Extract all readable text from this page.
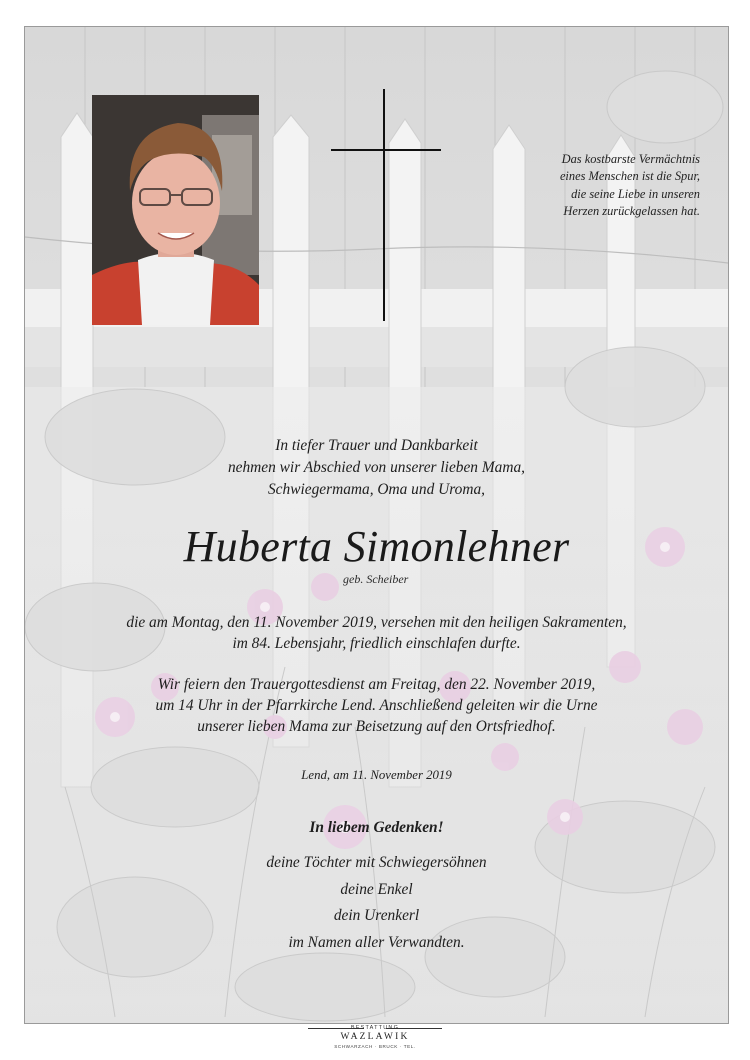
Das kostbarste Vermächtnis
eines Menschen ist die Spur,
die seine Liebe in unseren
Herzen zurückgelassen hat.
In tiefer Trauer und Dankbarkeit
nehmen wir Abschied von unserer lieben Mama,
Schwiegermama, Oma und Uroma,
Huberta Simonlehner
geb. Scheiber
die am Montag, den 11. November 2019, versehen mit den heiligen Sakramenten,
im 84. Lebensjahr, friedlich einschlafen durfte.
Wir feiern den Trauergottesdienst am Freitag, den 22. November 2019,
um 14 Uhr in der Pfarrkirche Lend. Anschließend geleiten wir die Urne
unserer lieben Mama zur Beisetzung auf den Ortsfriedhof.
Lend, am 11. November 2019
In liebem Gedenken!
deine Töchter mit Schwiegersöhnen
deine Enkel
dein Urenkerl
im Namen aller Verwandten.
BESTATTUNG
WAZLAWIK
SCHWARZACH · BRUCK · TEL.
